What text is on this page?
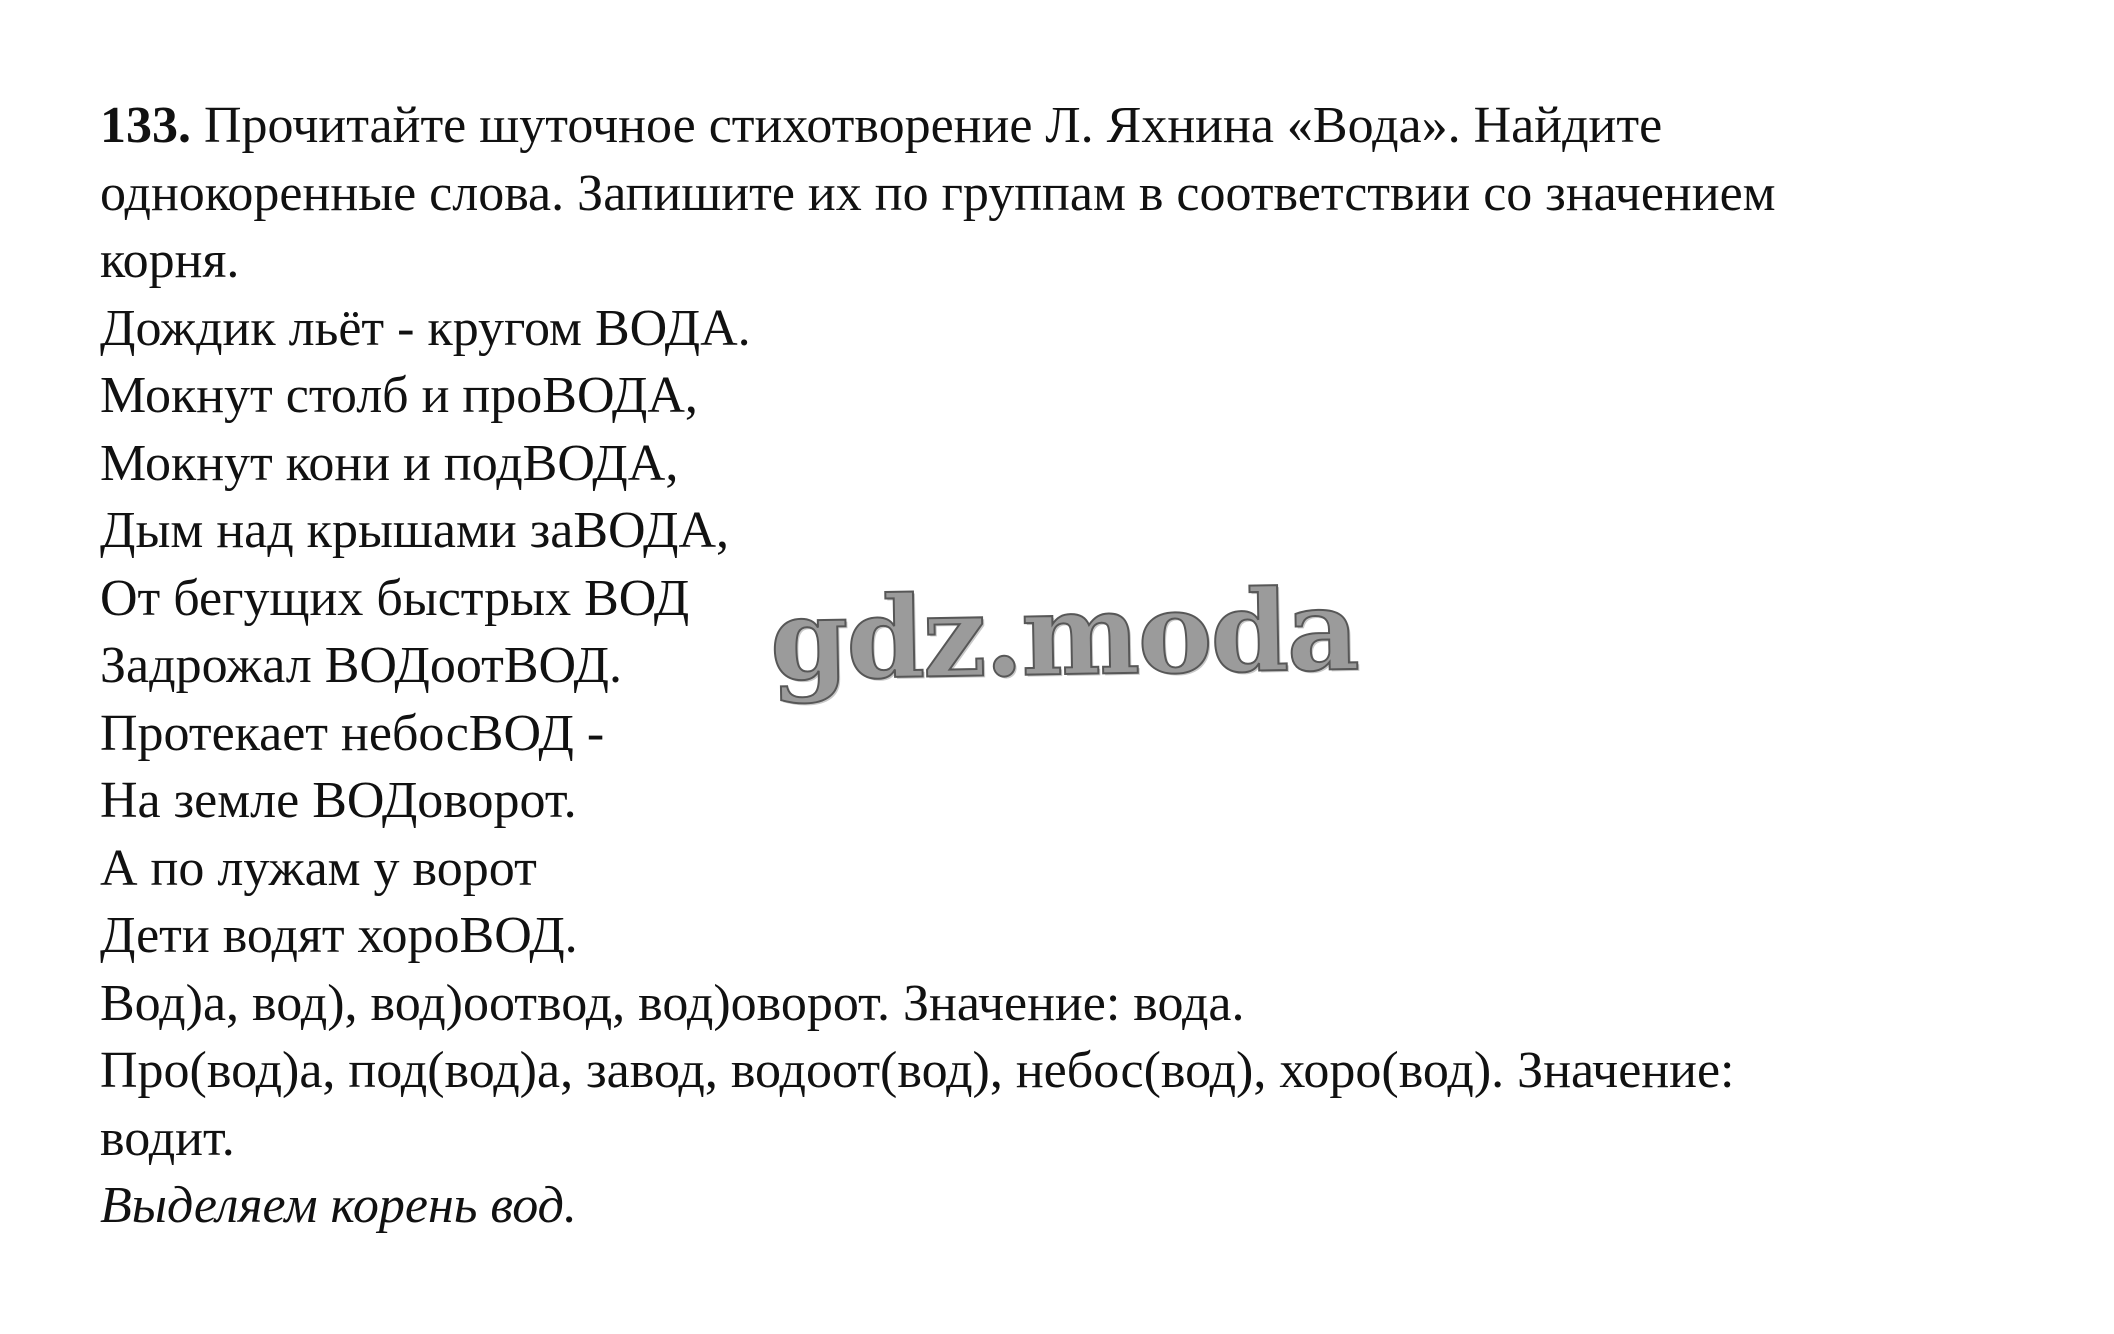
133. Прочитайте шуточное стихотворение Л. Яхнина «Вода». Найдите
однокоренные слова. Запишите их по группам в соответствии со значением
корня.
Дождик льёт - кругом ВОДА.
Мокнут столб и проВОДА,
Мокнут кони и подВОДА,
Дым над крышами заВОДА,
От бегущих быстрых ВОД
Задрожал ВОДоотВОД.
Протекает небосВОД -
На земле ВОДоворот.
А по лужам у ворот
Дети водят хороВОД.
Вод)а, вод), вод)оотвод, вод)оворот. Значение: вода.
Про(вод)а, под(вод)а, завод, водоот(вод), небос(вод), хоро(вод). Значение:
водит.
Выделяем корень вод.
gdz.moda
